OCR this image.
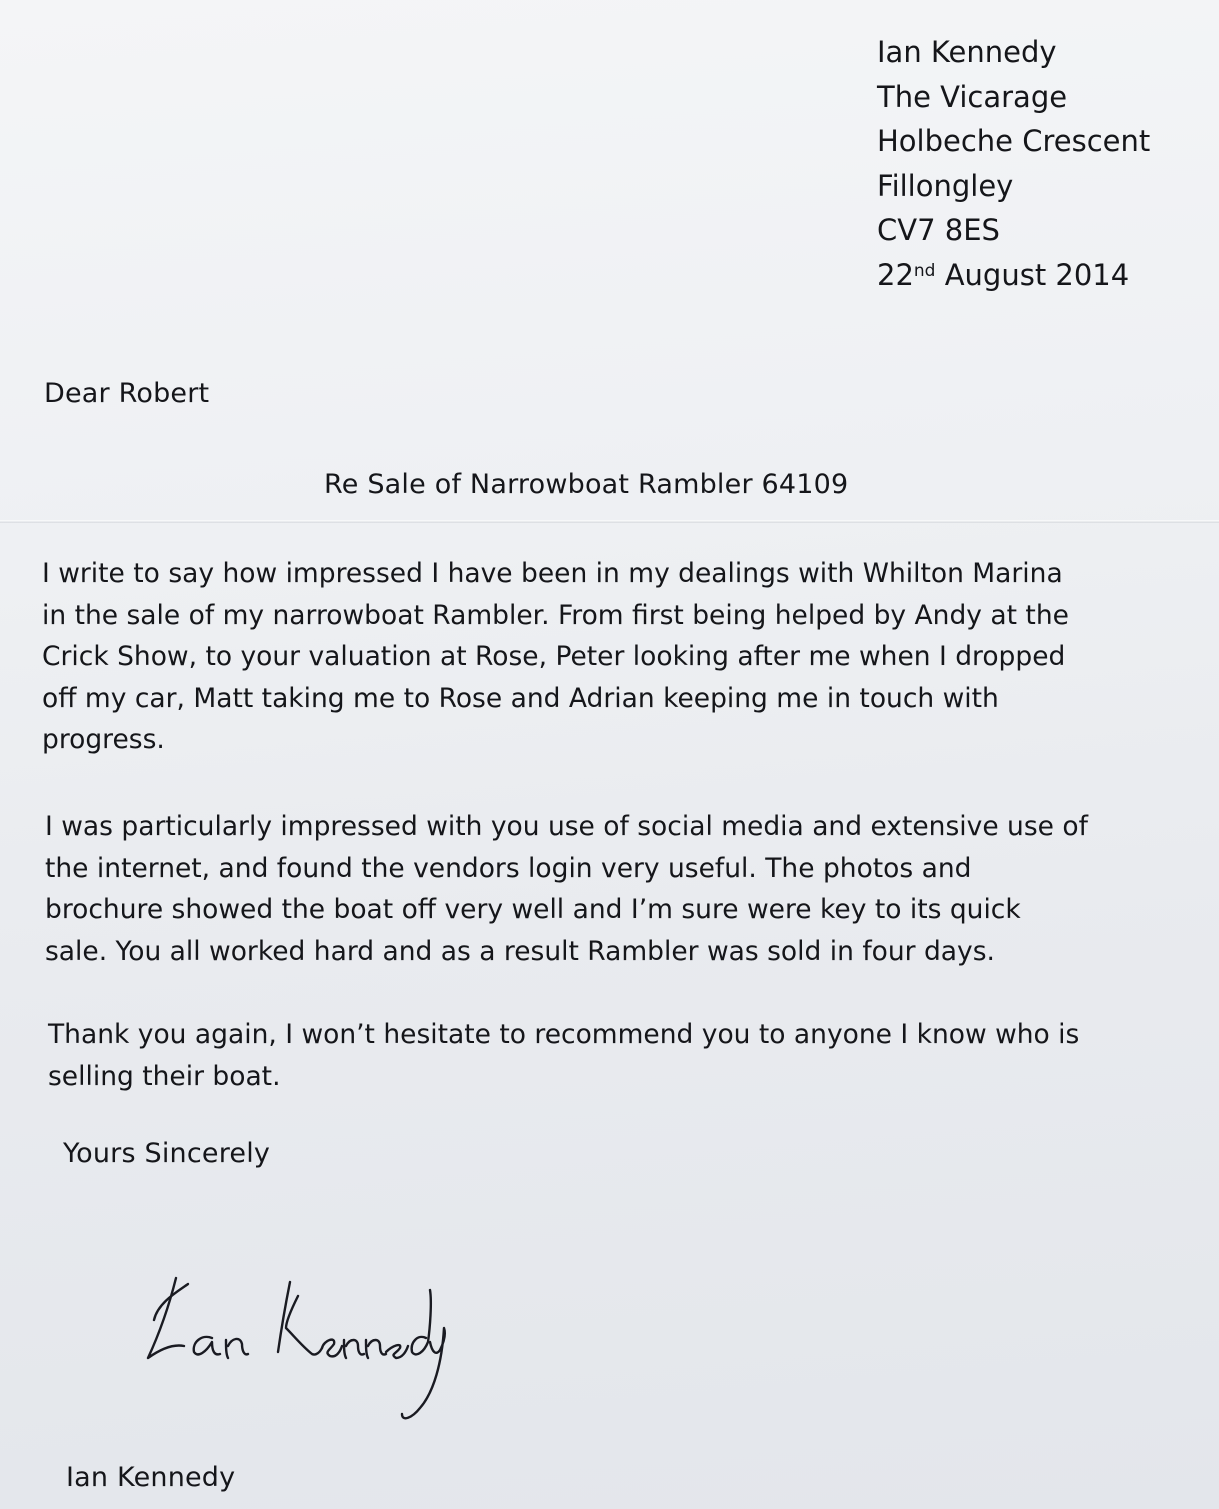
Ian Kennedy
The Vicarage
Holbeche Crescent
Fillongley
CV7 8ES
22nd August 2014
Dear Robert
Re Sale of Narrowboat Rambler 64109
I write to say how impressed I have been in my dealings with Whilton Marina
in the sale of my narrowboat Rambler. From first being helped by Andy at the
Crick Show, to your valuation at Rose, Peter looking after me when I dropped
off my car, Matt taking me to Rose and Adrian keeping me in touch with
progress.
I was particularly impressed with you use of social media and extensive use of
the internet, and found the vendors login very useful. The photos and
brochure showed the boat off very well and I’m sure were key to its quick
sale. You all worked hard and as a result Rambler was sold in four days.
Thank you again, I won’t hesitate to recommend you to anyone I know who is
selling their boat.
Yours Sincerely
Ian Kennedy
